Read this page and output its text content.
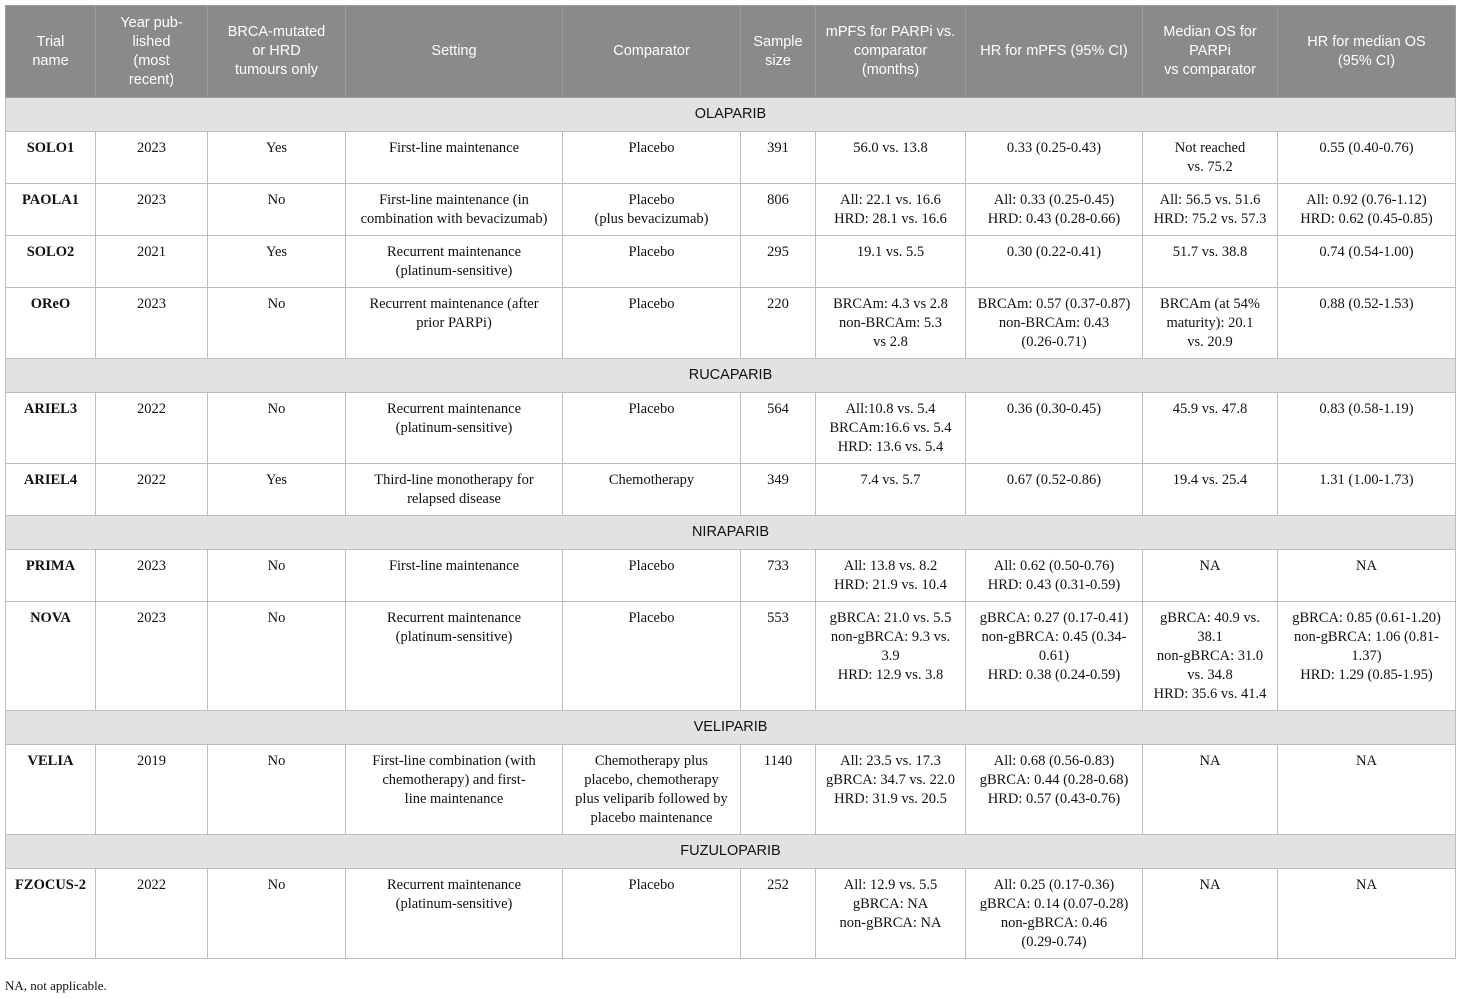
Trial
name	Year pub-
lished
(most
recent)	BRCA-mutated
or HRD
tumours only	Setting	Comparator	Sample
size	mPFS for PARPi vs.
comparator
(months)	HR for mPFS (95% CI)	Median OS for
PARPi
vs comparator	HR for median OS
(95% CI)
OLAPARIB									
SOLO1	2023	Yes	First-line maintenance	Placebo	391	56.0 vs. 13.8	0.33 (0.25-0.43)	Not reached
vs. 75.2	0.55 (0.40-0.76)
PAOLA1	2023	No	First-line maintenance (in
combination with bevacizumab)	Placebo
(plus bevacizumab)	806	All: 22.1 vs. 16.6
HRD: 28.1 vs. 16.6	All: 0.33 (0.25-0.45)
HRD: 0.43 (0.28-0.66)	All: 56.5 vs. 51.6
HRD: 75.2 vs. 57.3	All: 0.92 (0.76-1.12)
HRD: 0.62 (0.45-0.85)
SOLO2	2021	Yes	Recurrent maintenance
(platinum-sensitive)	Placebo	295	19.1 vs. 5.5	0.30 (0.22-0.41)	51.7 vs. 38.8	0.74 (0.54-1.00)
OReO	2023	No	Recurrent maintenance (after
prior PARPi)	Placebo	220	BRCAm: 4.3 vs 2.8
non-BRCAm: 5.3
vs 2.8	BRCAm: 0.57 (0.37-0.87)
non-BRCAm: 0.43
(0.26-0.71)	BRCAm (at 54%
maturity): 20.1
vs. 20.9	0.88 (0.52-1.53)
RUCAPARIB									
ARIEL3	2022	No	Recurrent maintenance
(platinum-sensitive)	Placebo	564	All:10.8 vs. 5.4
BRCAm:16.6 vs. 5.4
HRD: 13.6 vs. 5.4	0.36 (0.30-0.45)	45.9 vs. 47.8	0.83 (0.58-1.19)
ARIEL4	2022	Yes	Third-line monotherapy for
relapsed disease	Chemotherapy	349	7.4 vs. 5.7	0.67 (0.52-0.86)	19.4 vs. 25.4	1.31 (1.00-1.73)
NIRAPARIB									
PRIMA	2023	No	First-line maintenance	Placebo	733	All: 13.8 vs. 8.2
HRD: 21.9 vs. 10.4	All: 0.62 (0.50-0.76)
HRD: 0.43 (0.31-0.59)	NA	NA
NOVA	2023	No	Recurrent maintenance
(platinum-sensitive)	Placebo	553	gBRCA: 21.0 vs. 5.5
non-gBRCA: 9.3 vs.
3.9
HRD: 12.9 vs. 3.8	gBRCA: 0.27 (0.17-0.41)
non-gBRCA: 0.45 (0.34-
0.61)
HRD: 0.38 (0.24-0.59)	gBRCA: 40.9 vs.
38.1
non-gBRCA: 31.0
vs. 34.8
HRD: 35.6 vs. 41.4	gBRCA: 0.85 (0.61-1.20)
non-gBRCA: 1.06 (0.81-
1.37)
HRD: 1.29 (0.85-1.95)
VELIPARIB									
VELIA	2019	No	First-line combination (with
chemotherapy) and first-
line maintenance	Chemotherapy plus
placebo, chemotherapy
plus veliparib followed by
placebo maintenance	1140	All: 23.5 vs. 17.3
gBRCA: 34.7 vs. 22.0
HRD: 31.9 vs. 20.5	All: 0.68 (0.56-0.83)
gBRCA: 0.44 (0.28-0.68)
HRD: 0.57 (0.43-0.76)	NA	NA
FUZULOPARIB									
FZOCUS-2	2022	No	Recurrent maintenance
(platinum-sensitive)	Placebo	252	All: 12.9 vs. 5.5
gBRCA: NA
non-gBRCA: NA	All: 0.25 (0.17-0.36)
gBRCA: 0.14 (0.07-0.28)
non-gBRCA: 0.46
(0.29-0.74)	NA	NA
NA, not applicable.
